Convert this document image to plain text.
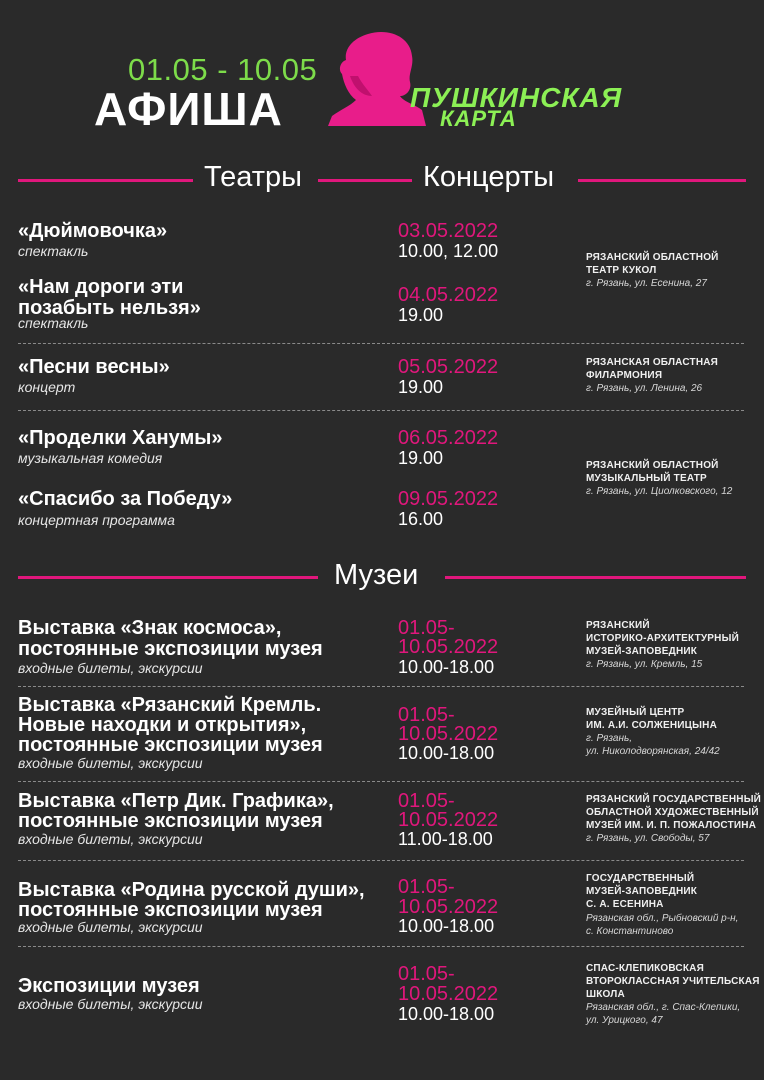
01.05 - 10.05
АФИША	ПУШКИНСКАЯ
КАРТА
Театры	Концерты
«Дюймовочка»
спектакль
03.05.2022
10.00, 12.00
«Нам дороги эти
позабыть нельзя»
спектакль
04.05.2022
19.00
РЯЗАНСКИЙ ОБЛАСТНОЙ
ТЕАТР КУКОЛ
г. Рязань, ул. Есенина, 27
«Песни весны»
концерт
05.05.2022
19.00
РЯЗАНСКАЯ ОБЛАСТНАЯ
ФИЛАРМОНИЯ
г. Рязань, ул. Ленина, 26
«Проделки Ханумы»
музыкальная комедия
06.05.2022
19.00
«Спасибо за Победу»
концертная программа
09.05.2022
16.00
РЯЗАНСКИЙ ОБЛАСТНОЙ
МУЗЫКАЛЬНЫЙ ТЕАТР
г. Рязань, ул. Циолковского, 12
Музеи
Выставка «Знак космоса»,
постоянные экспозиции музея
входные билеты, экскурсии
01.05-
10.05.2022
10.00-18.00
РЯЗАНСКИЙ
ИСТОРИКО-АРХИТЕКТУРНЫЙ
МУЗЕЙ-ЗАПОВЕДНИК
г. Рязань, ул. Кремль, 15
Выставка «Рязанский Кремль.
Новые находки и открытия»,
постоянные экспозиции музея
входные билеты, экскурсии
01.05-
10.05.2022
10.00-18.00
МУЗЕЙНЫЙ ЦЕНТР
ИМ. А.И. СОЛЖЕНИЦЫНА
г. Рязань,
ул. Николодворянская, 24/42
Выставка «Петр Дик. Графика»,
постоянные экспозиции музея
входные билеты, экскурсии
01.05-
10.05.2022
11.00-18.00
РЯЗАНСКИЙ ГОСУДАРСТВЕННЫЙ
ОБЛАСТНОЙ ХУДОЖЕСТВЕННЫЙ
МУЗЕЙ ИМ. И. П. ПОЖАЛОСТИНА
г. Рязань, ул. Свободы, 57
Выставка «Родина русской души»,
постоянные экспозиции музея
входные билеты, экскурсии
01.05-
10.05.2022
10.00-18.00
ГОСУДАРСТВЕННЫЙ
МУЗЕЙ-ЗАПОВЕДНИК
С. А. ЕСЕНИНА
Рязанская обл., Рыбновский р-н,
с. Константиново
Экспозиции музея
входные билеты, экскурсии
01.05-
10.05.2022
10.00-18.00
СПАС-КЛЕПИКОВСКАЯ
ВТОРОКЛАССНАЯ УЧИТЕЛЬСКАЯ
ШКОЛА
Рязанская обл., г. Спас-Клепики,
ул. Урицкого, 47
